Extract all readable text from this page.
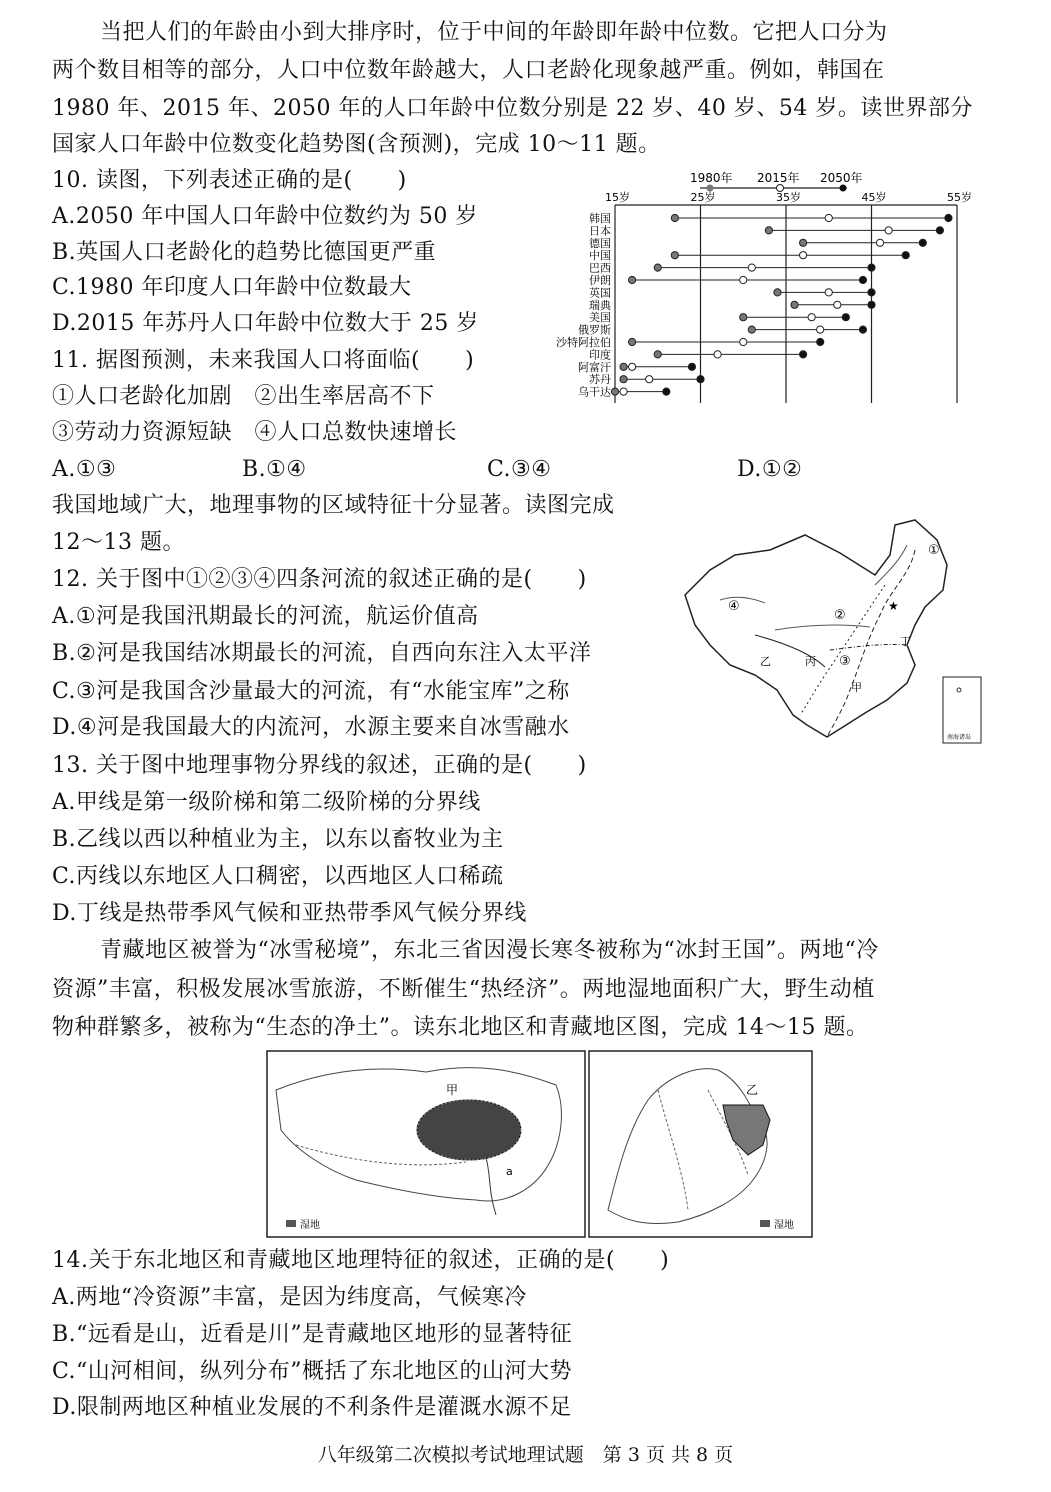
当把人们的年龄由小到大排序时，位于中间的年龄即年龄中位数。它把人口分为
两个数目相等的部分，人口中位数年龄越大，人口老龄化现象越严重。例如，韩国在
1980 年、2015 年、2050 年的人口年龄中位数分别是 22 岁、40 岁、54 岁。读世界部分
国家人口年龄中位数变化趋势图(含预测)，完成 10～11 题。
10. 读图，下列表述正确的是(　　)
A.2050 年中国人口年龄中位数约为 50 岁
B.英国人口老龄化的趋势比德国更严重
C.1980 年印度人口年龄中位数最大
D.2015 年苏丹人口年龄中位数大于 25 岁
11. 据图预测，未来我国人口将面临(　　)
①人口老龄化加剧　②出生率居高不下
③劳动力资源短缺　④人口总数快速增长
A.①③	B.①④	C.③④	D.①②
1980年 2015年 2050年
15岁	25岁	35岁	45岁	55岁
韩国
日本
德国
中国
巴西
伊朗
英国
瑞典
美国
俄罗斯
沙特阿拉伯
印度
阿富汗
苏丹
乌干达
我国地域广大，地理事物的区域特征十分显著。读图完成
12～13 题。
12. 关于图中①②③④四条河流的叙述正确的是(　　)
A.①河是我国汛期最长的河流，航运价值高
B.②河是我国结冰期最长的河流，自西向东注入太平洋
C.③河是我国含沙量最大的河流，有“水能宝库”之称
D.④河是我国最大的内流河，水源主要来自冰雪融水
①
②
③
④
甲
乙	丙
丁
★
南海诸岛
13. 关于图中地理事物分界线的叙述，正确的是(　　)
A.甲线是第一级阶梯和第二级阶梯的分界线
B.乙线以西以种植业为主，以东以畜牧业为主
C.丙线以东地区人口稠密，以西地区人口稀疏
D.丁线是热带季风气候和亚热带季风气候分界线
青藏地区被誉为“冰雪秘境”，东北三省因漫长寒冬被称为“冰封王国”。两地“冷
资源”丰富，积极发展冰雪旅游，不断催生“热经济”。两地湿地面积广大，野生动植
物种群繁多，被称为“生态的净土”。读东北地区和青藏地区图，完成 14～15 题。
甲
a
湿地
乙
湿地
14.关于东北地区和青藏地区地理特征的叙述，正确的是(　　)
A.两地“冷资源”丰富，是因为纬度高，气候寒冷
B.“远看是山，近看是川”是青藏地区地形的显著特征
C.“山河相间，纵列分布”概括了东北地区的山河大势
D.限制两地区种植业发展的不利条件是灌溉水源不足
八年级第二次模拟考试地理试题　第 3 页 共 8 页
